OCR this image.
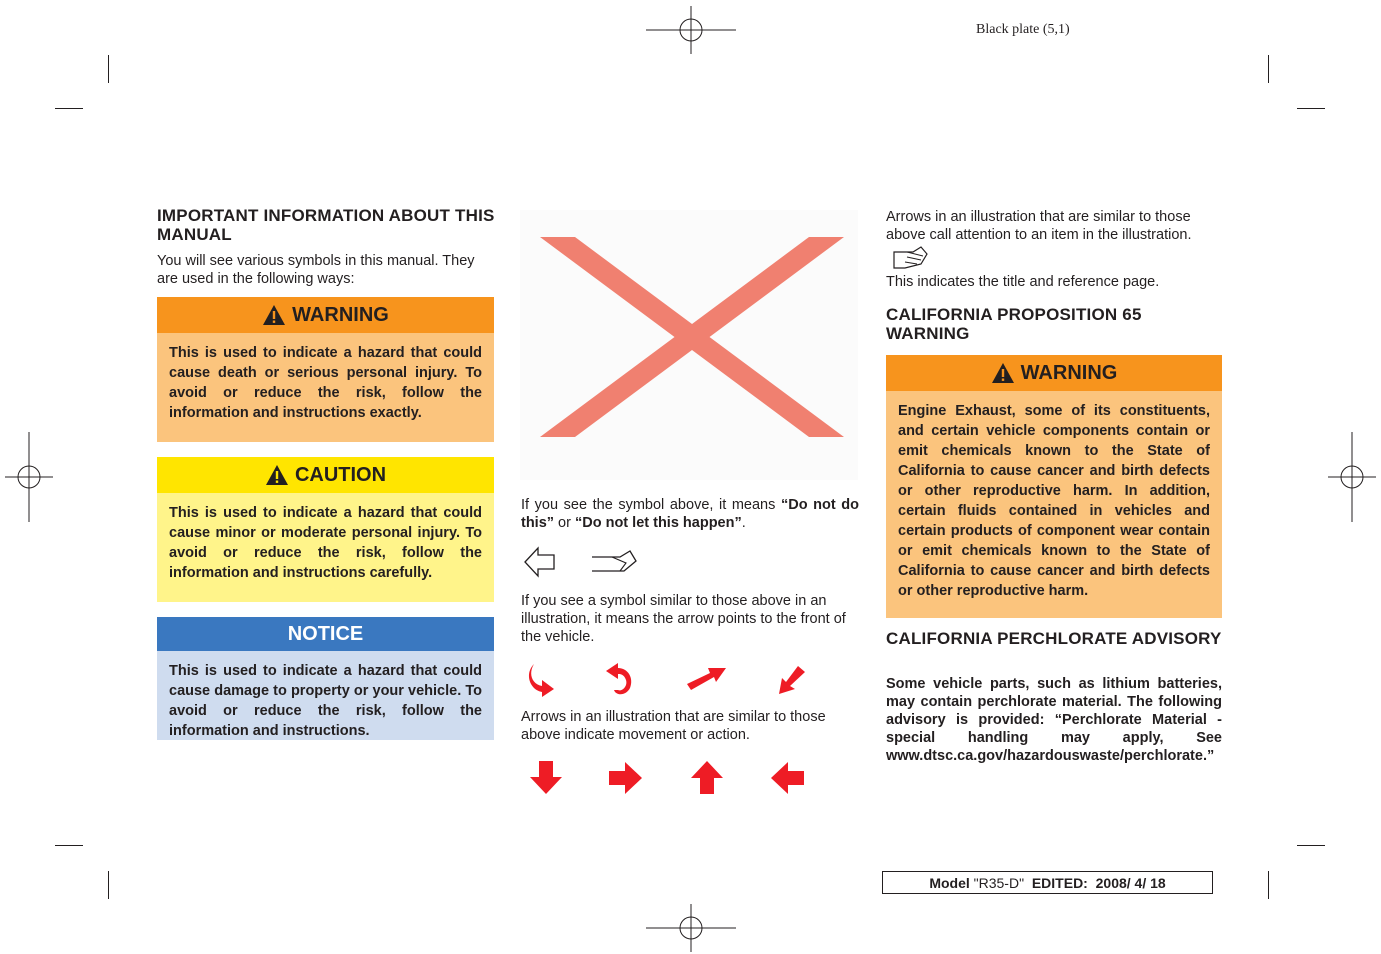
Black plate (5,1)
IMPORTANT INFORMATION ABOUT THIS MANUAL
You will see various symbols in this manual. They are used in the following ways:
WARNING
This is used to indicate a hazard that could cause death or serious personal injury. To avoid or reduce the risk, follow the information and instructions exactly.
CAUTION
This is used to indicate a hazard that could cause minor or moderate personal injury. To avoid or reduce the risk, follow the information and instructions carefully.
NOTICE
This is used to indicate a hazard that could cause damage to property or your vehicle. To avoid or reduce the risk, follow the information and instructions.
If you see the symbol above, it means “Do not do this” or “Do not let this happen”.
If you see a symbol similar to those above in an illustration, it means the arrow points to the front of the vehicle.
Arrows in an illustration that are similar to those above indicate movement or action.
Arrows in an illustration that are similar to those above call attention to an item in the illustration.
This indicates the title and reference page.
CALIFORNIA PROPOSITION 65 WARNING
WARNING
Engine Exhaust, some of its constituents, and certain vehicle components contain or emit chemicals known to the State of California to cause cancer and birth defects or other reproductive harm. In addition, certain fluids contained in vehicles and certain products of component wear contain or emit chemicals known to the State of California to cause cancer and birth defects or other reproductive harm.
CALIFORNIA PERCHLORATE ADVISORY
Some vehicle parts, such as lithium batteries, may contain perchlorate material. The following advisory is provided: “Perchlorate Material - special handling may apply, See www.dtsc.ca.gov/hazardouswaste/perchlorate.”
Model
"R35-D"
EDITED:
2008/ 4/ 18
